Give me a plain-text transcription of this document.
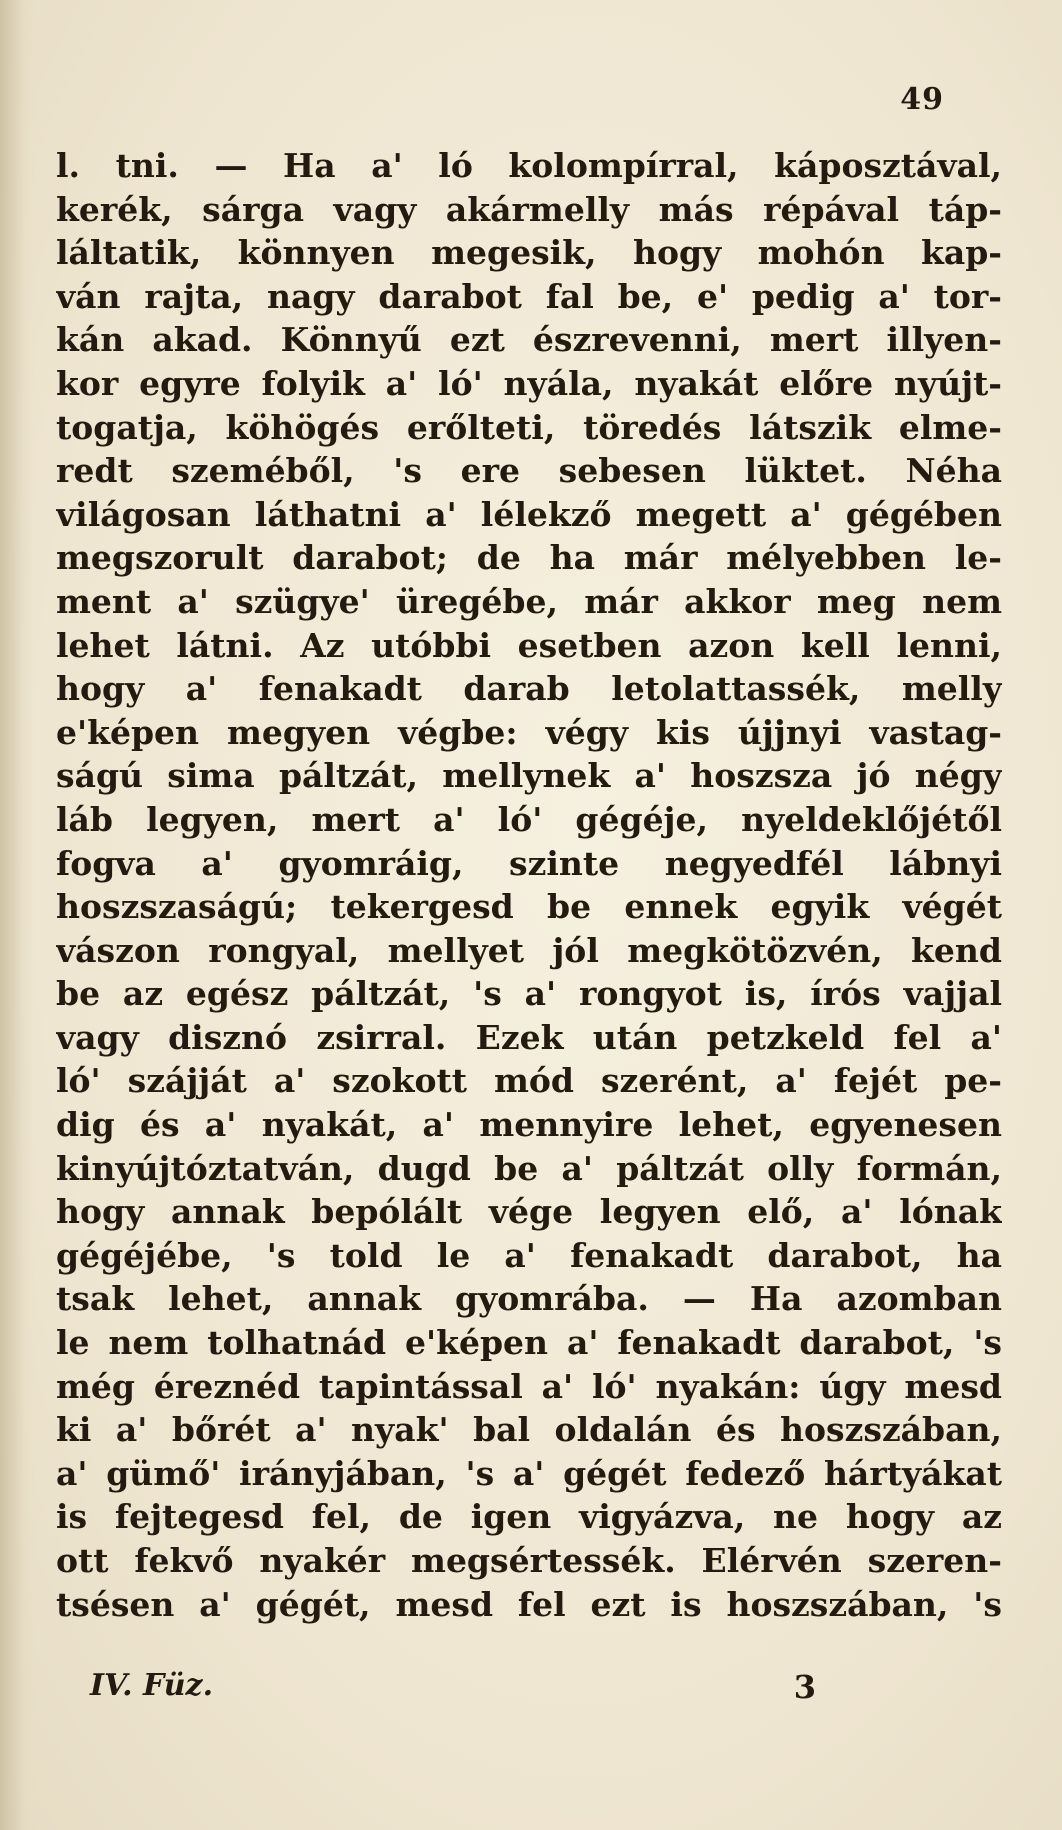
49
l. tni. — Ha a' ló kolompírral, káposztával,
kerék, sárga vagy akármelly más répával táp-
láltatik, könnyen megesik, hogy mohón kap-
ván rajta, nagy darabot fal be, e' pedig a' tor-
kán akad. Könnyű ezt észrevenni, mert illyen-
kor egyre folyik a' ló' nyála, nyakát előre nyújt-
togatja, köhögés erőlteti, töredés látszik elme-
redt szeméből, 's ere sebesen lüktet. Néha
világosan láthatni a' lélekző megett a' gégében
megszorult darabot; de ha már mélyebben le-
ment a' szügye' üregébe, már akkor meg nem
lehet látni. Az utóbbi esetben azon kell lenni,
hogy a' fenakadt darab letolattassék, melly
e'képen megyen végbe: végy kis újjnyi vastag-
ságú sima páltzát, mellynek a' hoszsza jó négy
láb legyen, mert a' ló' gégéje, nyeldeklőjétől
fogva a' gyomráig, szinte negyedfél lábnyi
hoszszaságú; tekergesd be ennek egyik végét
vászon rongyal, mellyet jól megkötözvén, kend
be az egész páltzát, 's a' rongyot is, írós vajjal
vagy disznó zsirral. Ezek után petzkeld fel a'
ló' szájját a' szokott mód szerént, a' fejét pe-
dig és a' nyakát, a' mennyire lehet, egyenesen
kinyújtóztatván, dugd be a' páltzát olly formán,
hogy annak bepólált vége legyen elő, a' lónak
gégéjébe, 's told le a' fenakadt darabot, ha
tsak lehet, annak gyomrába. — Ha azomban
le nem tolhatnád e'képen a' fenakadt darabot, 's
még éreznéd tapintással a' ló' nyakán: úgy mesd
ki a' bőrét a' nyak' bal oldalán és hoszszában,
a' gümő' irányjában, 's a' gégét fedező hártyákat
is fejtegesd fel, de igen vigyázva, ne hogy az
ott fekvő nyakér megsértessék. Elérvén szeren-
tsésen a' gégét, mesd fel ezt is hoszszában, 's
IV. Füz.	3
